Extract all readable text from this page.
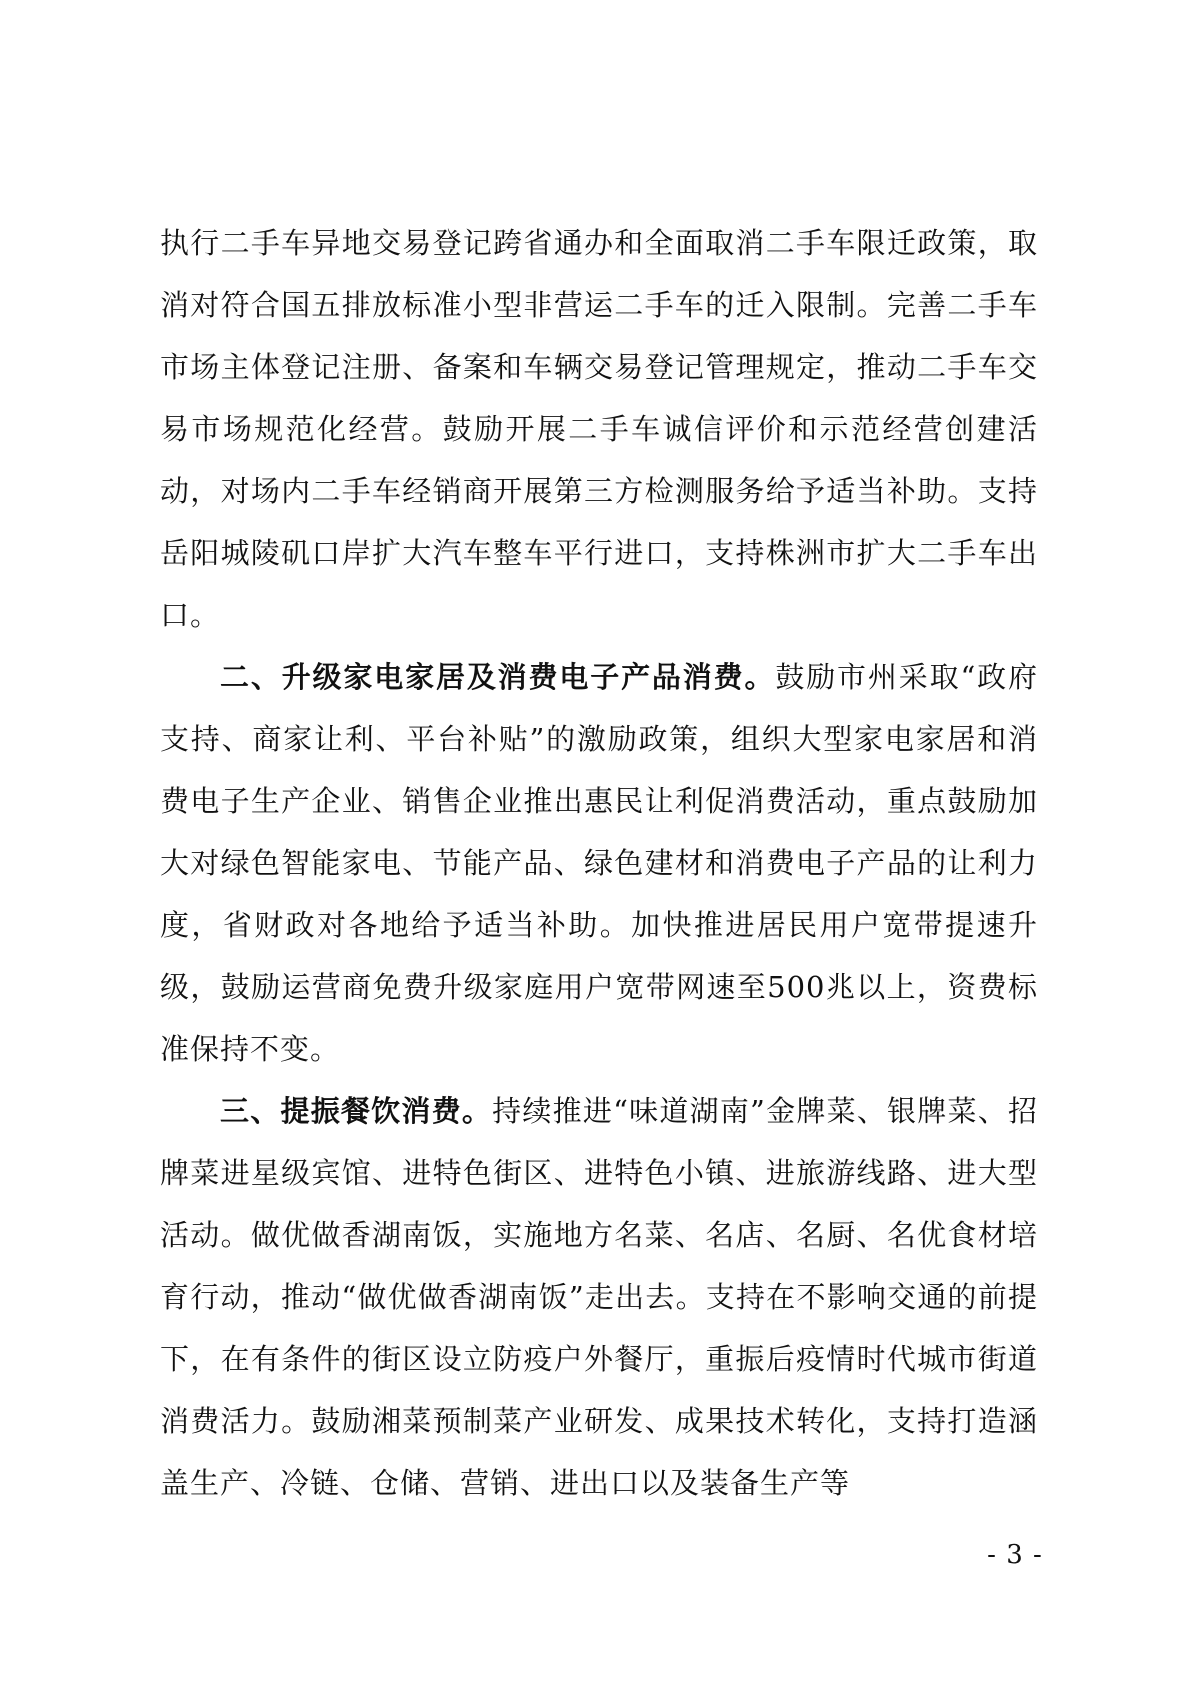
执行二手车异地交易登记跨省通办和全面取消二手车限迁政策，取消对符合国五排放标准小型非营运二手车的迁入限制。完善二手车市场主体登记注册、备案和车辆交易登记管理规定，推动二手车交易市场规范化经营。鼓励开展二手车诚信评价和示范经营创建活动，对场内二手车经销商开展第三方检测服务给予适当补助。支持岳阳城陵矶口岸扩大汽车整车平行进口，支持株洲市扩大二手车出口。

二、升级家电家居及消费电子产品消费。鼓励市州采取“政府支持、商家让利、平台补贴”的激励政策，组织大型家电家居和消费电子生产企业、销售企业推出惠民让利促消费活动，重点鼓励加大对绿色智能家电、节能产品、绿色建材和消费电子产品的让利力度，省财政对各地给予适当补助。加快推进居民用户宽带提速升级，鼓励运营商免费升级家庭用户宽带网速至500兆以上，资费标准保持不变。

三、提振餐饮消费。持续推进“味道湖南”金牌菜、银牌菜、招牌菜进星级宾馆、进特色街区、进特色小镇、进旅游线路、进大型活动。做优做香湖南饭，实施地方名菜、名店、名厨、名优食材培育行动，推动“做优做香湖南饭”走出去。支持在不影响交通的前提下，在有条件的街区设立防疫户外餐厅，重振后疫情时代城市街道消费活力。鼓励湘菜预制菜产业研发、成果技术转化，支持打造涵盖生产、冷链、仓储、营销、进出口以及装备生产等

- 3 -
